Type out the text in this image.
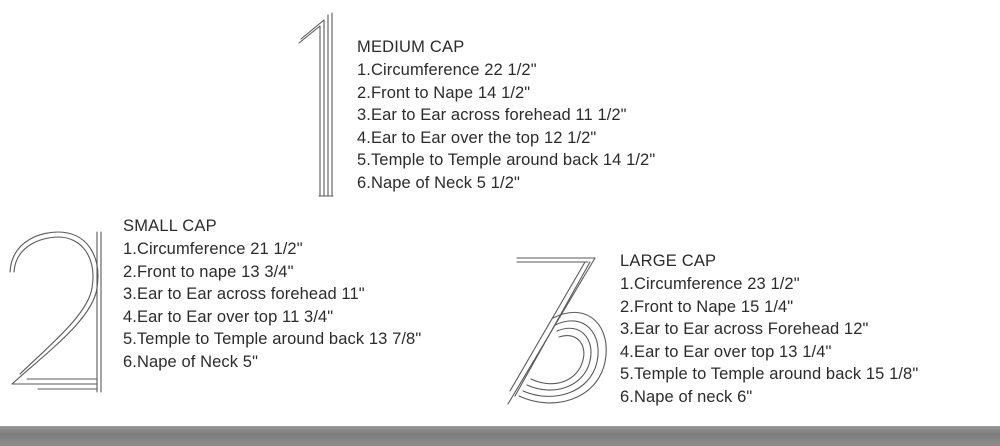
MEDIUM CAP
1.Circumference 22 1/2"
2.Front to Nape 14 1/2"
3.Ear to Ear across forehead 11 1/2"
4.Ear to Ear over the top 12 1/2"
5.Temple to Temple around back 14 1/2"
6.Nape of Neck 5 1/2"
SMALL CAP
1.Circumference 21 1/2"
2.Front to nape 13 3/4"
3.Ear to Ear across forehead 11"
4.Ear to Ear over top 11 3/4"
5.Temple to Temple around back 13 7/8"
6.Nape of Neck 5"
LARGE CAP
1.Circumference 23 1/2"
2.Front to Nape 15 1/4"
3.Ear to Ear across Forehead 12"
4.Ear to Ear over top 13 1/4"
5.Temple to Temple around back 15 1/8"
6.Nape of neck 6"
